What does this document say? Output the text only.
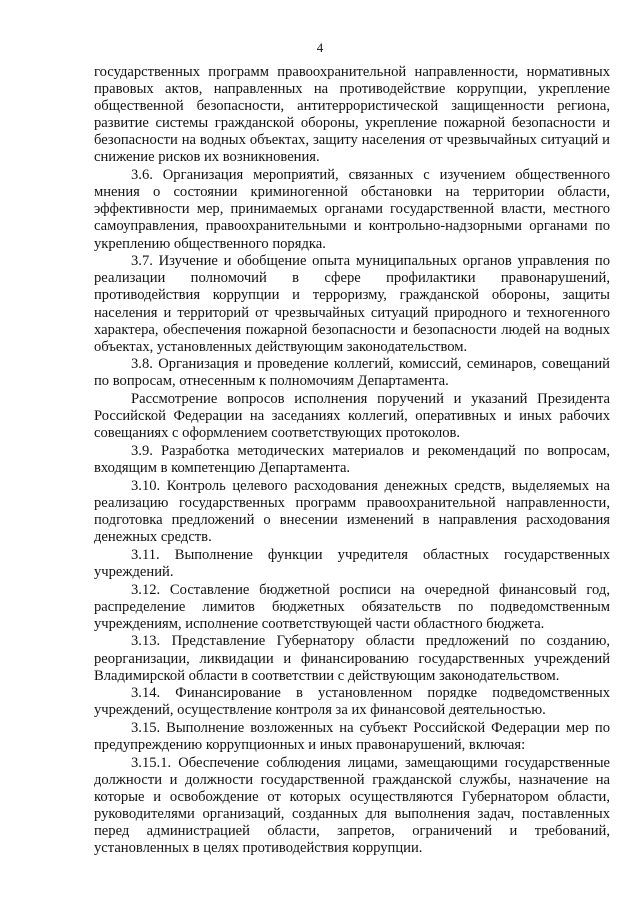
4

государственных программ правоохранительной направленности, нормативных правовых актов, направленных на противодействие коррупции, укрепление общественной безопасности, антитеррористической защищенности региона, развитие системы гражданской обороны, укрепление пожарной безопасности и безопасности на водных объектах, защиту населения от чрезвычайных ситуаций и снижение рисков их возникновения.

3.6. Организация мероприятий, связанных с изучением общественного мнения о состоянии криминогенной обстановки на территории области, эффективности мер, принимаемых органами государственной власти, местного самоуправления, правоохранительными и контрольно-надзорными органами по укреплению общественного порядка.

3.7. Изучение и обобщение опыта муниципальных органов управления по реализации полномочий в сфере профилактики правонарушений, противодействия коррупции и терроризму, гражданской обороны, защиты населения и территорий от чрезвычайных ситуаций природного и техногенного характера, обеспечения пожарной безопасности и безопасности людей на водных объектах, установленных действующим законодательством.

3.8. Организация и проведение коллегий, комиссий, семинаров, совещаний по вопросам, отнесенным к полномочиям Департамента.

Рассмотрение вопросов исполнения поручений и указаний Президента Российской Федерации на заседаниях коллегий, оперативных и иных рабочих совещаниях с оформлением соответствующих протоколов.

3.9. Разработка методических материалов и рекомендаций по вопросам, входящим в компетенцию Департамента.

3.10. Контроль целевого расходования денежных средств, выделяемых на реализацию государственных программ правоохранительной направленности, подготовка предложений о внесении изменений в направления расходования денежных средств.

3.11. Выполнение функции учредителя областных государственных учреждений.

3.12. Составление бюджетной росписи на очередной финансовый год, распределение лимитов бюджетных обязательств по подведомственным учреждениям, исполнение соответствующей части областного бюджета.

3.13. Представление Губернатору области предложений по созданию, реорганизации, ликвидации и финансированию государственных учреждений Владимирской области в соответствии с действующим законодательством.

3.14. Финансирование в установленном порядке подведомственных учреждений, осуществление контроля за их финансовой деятельностью.

3.15. Выполнение возложенных на субъект Российской Федерации мер по предупреждению коррупционных и иных правонарушений, включая:

3.15.1. Обеспечение соблюдения лицами, замещающими государственные должности и должности государственной гражданской службы, назначение на которые и освобождение от которых осуществляются Губернатором области, руководителями организаций, созданных для выполнения задач, поставленных перед администрацией области, запретов, ограничений и требований, установленных в целях противодействия коррупции.
